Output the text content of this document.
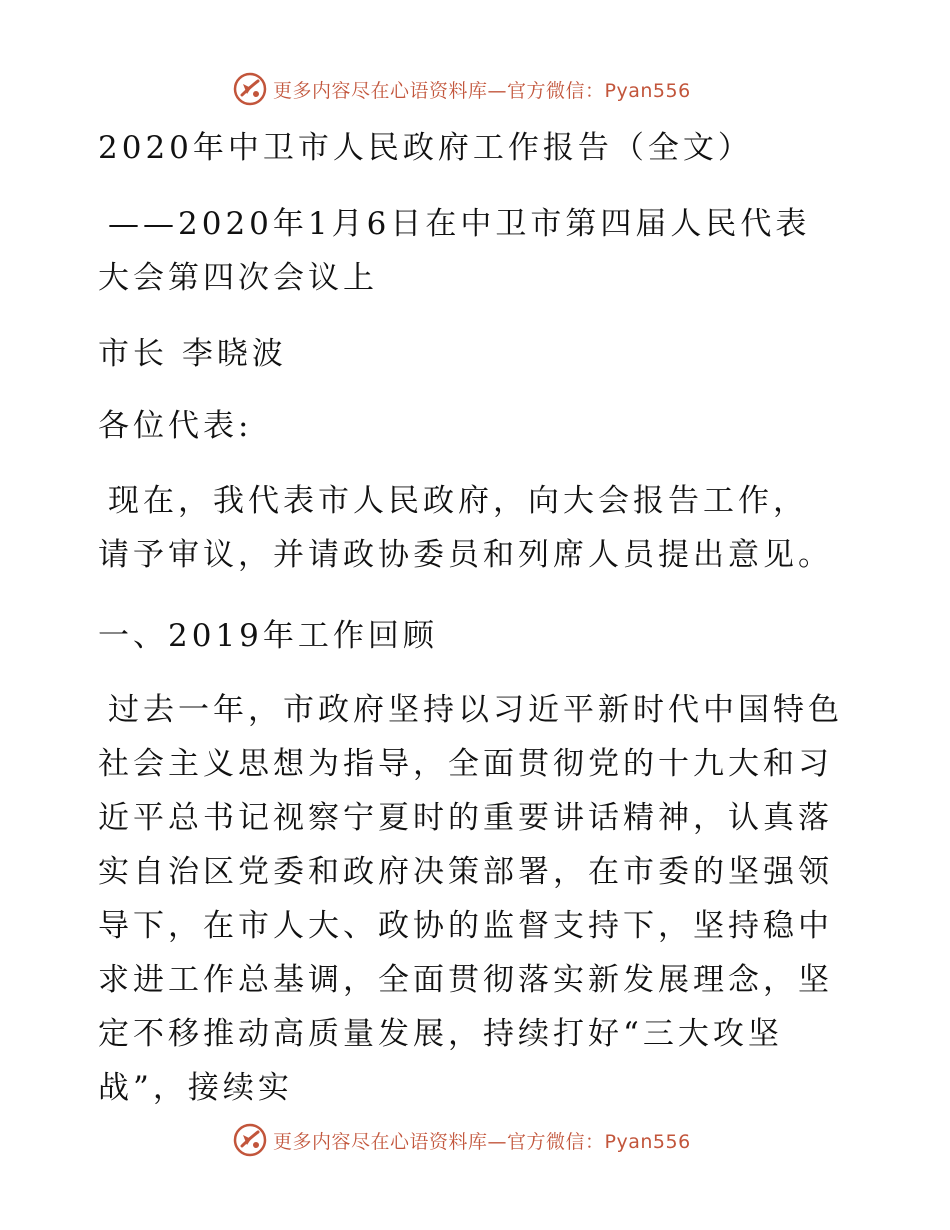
更多内容尽在心语资料库—官方微信：Pyan556
2020年中卫市人民政府工作报告（全文）
——2020年1月6日在中卫市第四届人民代表大会第四次会议上
市长 李晓波
各位代表:
现在，我代表市人民政府，向大会报告工作，请予审议，并请政协委员和列席人员提出意见。
一、2019年工作回顾
过去一年，市政府坚持以习近平新时代中国特色社会主义思想为指导，全面贯彻党的十九大和习近平总书记视察宁夏时的重要讲话精神，认真落实自治区党委和政府决策部署，在市委的坚强领导下，在市人大、政协的监督支持下，坚持稳中求进工作总基调，全面贯彻落实新发展理念，坚定不移推动高质量发展，持续打好“三大攻坚战”，接续实
更多内容尽在心语资料库—官方微信：Pyan556
